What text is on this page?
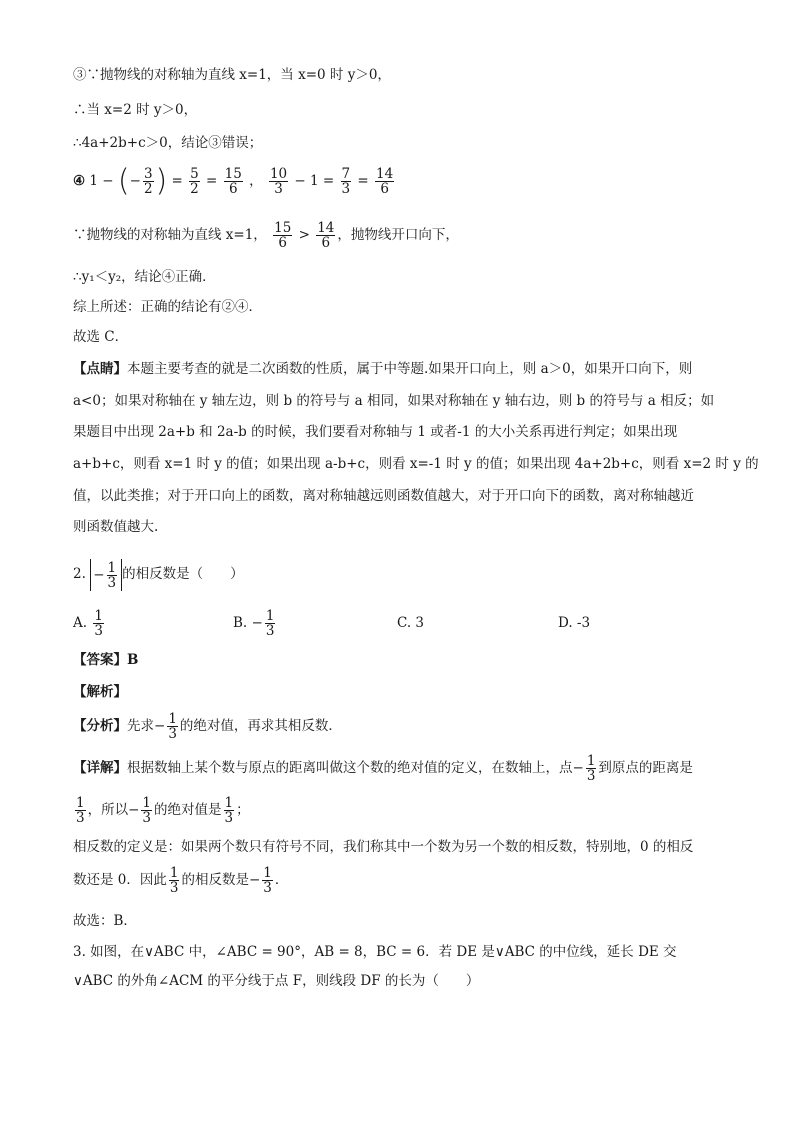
③∵抛物线的对称轴为直线 x=1，当 x=0 时 y＞0，
∴当 x=2 时 y＞0，
∴4a+2b+c＞0，结论③错误；
④ 1 − (− $\frac{3}{2}$ ) = $\frac{5}{2} = \frac{15}{6}$ ， $\frac{10}{3} - 1 = \frac{7}{3} = \frac{14}{6}$
∵抛物线的对称轴为直线 x=1， $\frac{15}{6} > \frac{14}{6}$ ，抛物线开口向下，
∴y₁＜y₂，结论④正确．
综上所述：正确的结论有②④．
故选 C．
【点睛】本题主要考查的就是二次函数的性质，属于中等题.如果开口向上，则 a＞0，如果开口向下，则
a<0；如果对称轴在 y 轴左边，则 b 的符号与 a 相同，如果对称轴在 y 轴右边，则 b 的符号与 a 相反；如
果题目中出现 2a+b 和 2a-b 的时候，我们要看对称轴与 1 或者-1 的大小关系再进行判定；如果出现
a+b+c，则看 x=1 时 y 的值；如果出现 a-b+c，则看 x=-1 时 y 的值；如果出现 4a+2b+c，则看 x=2 时 y 的
值，以此类推；对于开口向上的函数，离对称轴越远则函数值越大，对于开口向下的函数，离对称轴越近
则函数值越大.
2. − $\frac{1}{3}$ 的相反数是（　　）
A. $\frac{1}{3}$	B. − $\frac{1}{3}$	C. 3	D. -3
【答案】B
【解析】
【分析】先求− $\frac{1}{3}$ 的绝对值，再求其相反数．
【详解】根据数轴上某个数与原点的距离叫做这个数的绝对值的定义，在数轴上，点− $\frac{1}{3}$ 到原点的距离是
$\frac{1}{3}$ ，所以− $\frac{1}{3}$ 的绝对值是 $\frac{1}{3}$ ；
相反数的定义是：如果两个数只有符号不同，我们称其中一个数为另一个数的相反数，特别地，0 的相反
数还是 0．因此 $\frac{1}{3}$ 的相反数是− $\frac{1}{3}$ ．
故选：B．
3. 如图，在∨ABC 中，∠ABC = 90°，AB = 8，BC = 6．若 DE 是∨ABC 的中位线，延长 DE 交
∨ABC 的外角∠ACM 的平分线于点 F，则线段 DF 的长为（　　）
